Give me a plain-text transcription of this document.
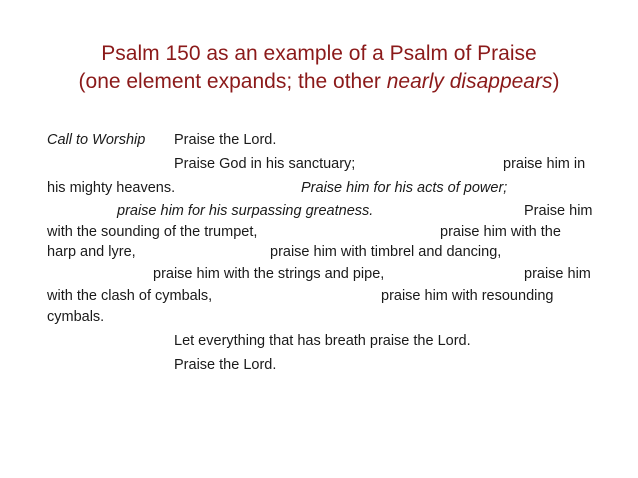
Psalm 150 as an example of a Psalm of Praise
(one element expands; the other nearly disappears)
Call to Worship Praise the Lord.
Praise God in his sanctuary;	praise him in
his mighty heavens.	Praise him for his acts of power;
praise him for his surpassing greatness.	Praise him
with the sounding of the trumpet,	praise him with the
harp and lyre,	praise him with timbrel and dancing,
praise him with the strings and pipe,	praise him
with the clash of cymbals,	praise him with resounding
cymbals.
Let everything that has breath praise the Lord.
Praise the Lord.
